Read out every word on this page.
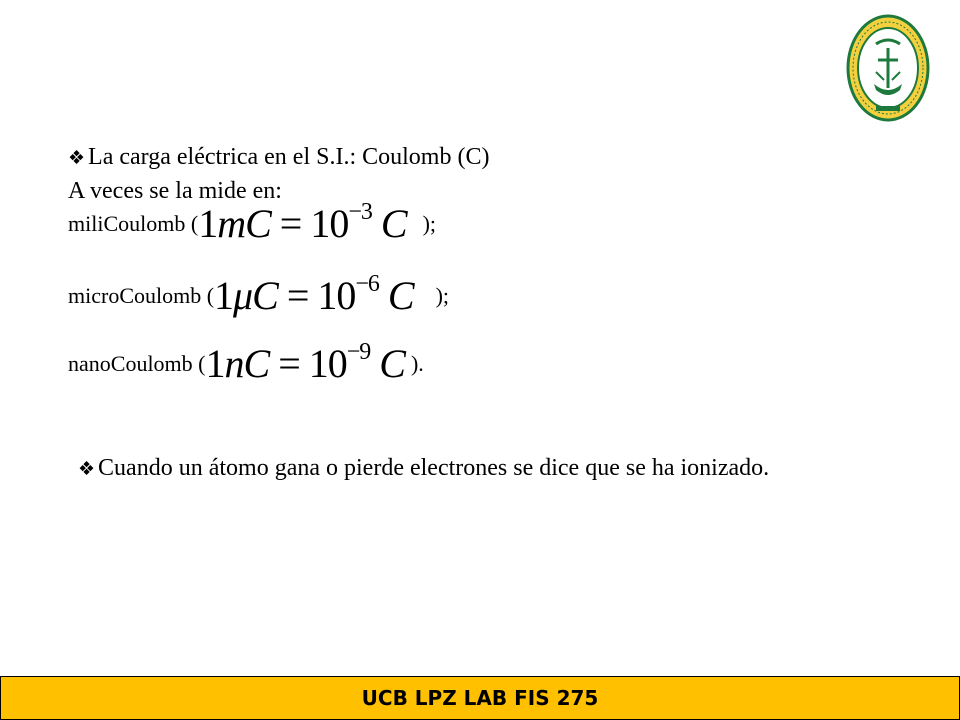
❖ La carga eléctrica en el S.I.: Coulomb (C)
A veces se la mide en:
miliCoulomb ( $1mC = 10^{-3}$ C );
microCoulomb ( $1\mu C = 10^{-6}$ C );
nanoCoulomb ( $1nC = 10^{-9}$ C ).
❖ Cuando un átomo gana o pierde electrones se dice que se ha ionizado.
UCB LPZ LAB FIS 275
